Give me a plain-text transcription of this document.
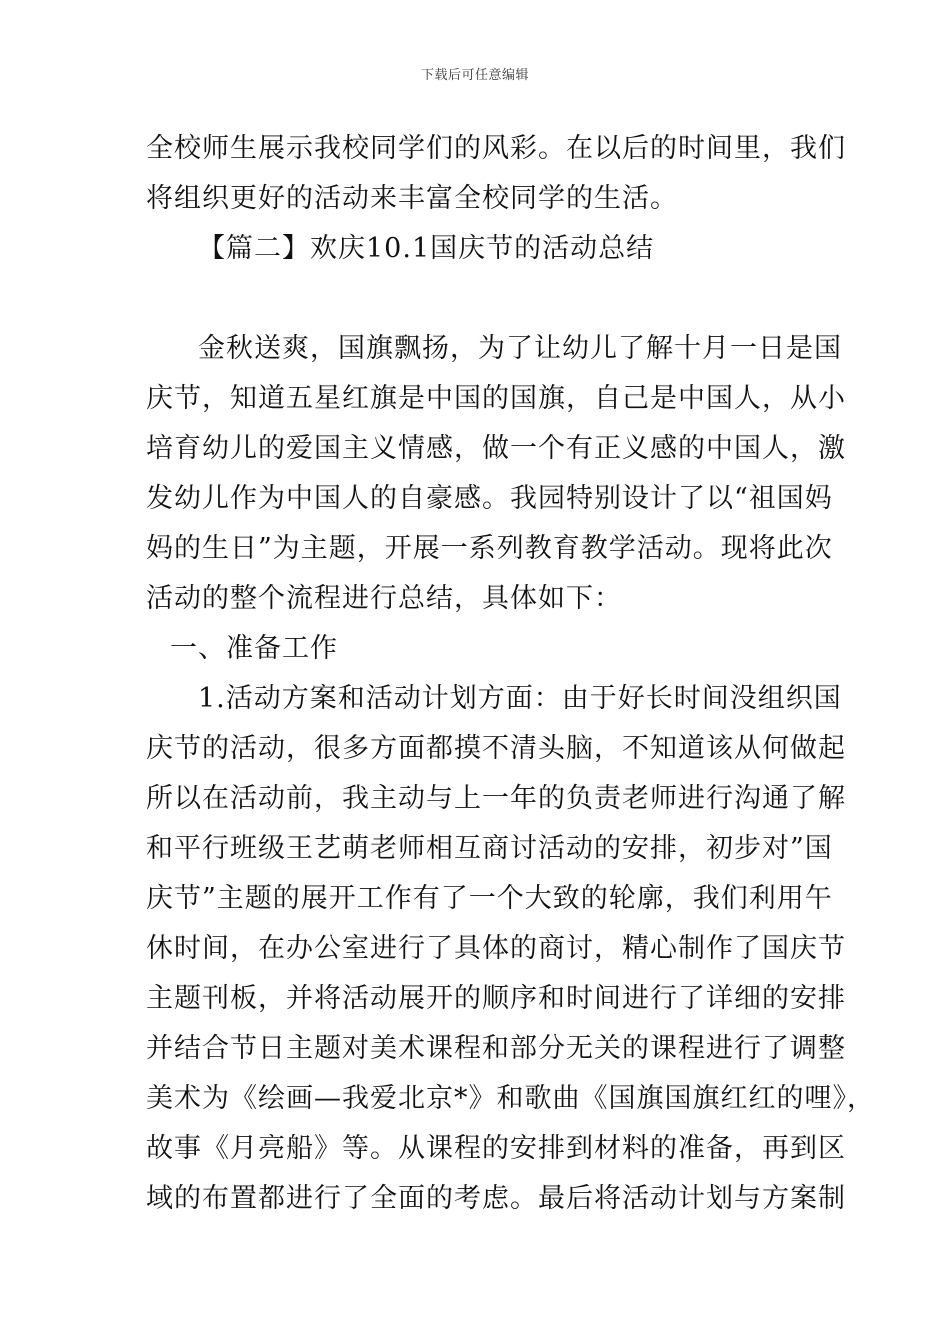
下载后可任意编辑
全校师生展示我校同学们的风彩。在以后的时间里，我们
将组织更好的活动来丰富全校同学的生活。
【篇二】欢庆10.1国庆节的活动总结
金秋送爽，国旗飘扬，为了让幼儿了解十月一日是国
庆节，知道五星红旗是中国的国旗，自己是中国人，从小
培育幼儿的爱国主义情感，做一个有正义感的中国人，激
发幼儿作为中国人的自豪感。我园特别设计了以“祖国妈
妈的生日”为主题，开展一系列教育教学活动。现将此次
活动的整个流程进行总结，具体如下：
一、准备工作
1.活动方案和活动计划方面：由于好长时间没组织国
庆节的活动，很多方面都摸不清头脑，不知道该从何做起
所以在活动前，我主动与上一年的负责老师进行沟通了解
和平行班级王艺萌老师相互商讨活动的安排，初步对”国
庆节”主题的展开工作有了一个大致的轮廓，我们利用午
休时间，在办公室进行了具体的商讨，精心制作了国庆节
主题刊板，并将活动展开的顺序和时间进行了详细的安排
并结合节日主题对美术课程和部分无关的课程进行了调整
美术为《绘画—我爱北京*》和歌曲《国旗国旗红红的哩》，
故事《月亮船》等。从课程的安排到材料的准备，再到区
域的布置都进行了全面的考虑。最后将活动计划与方案制
